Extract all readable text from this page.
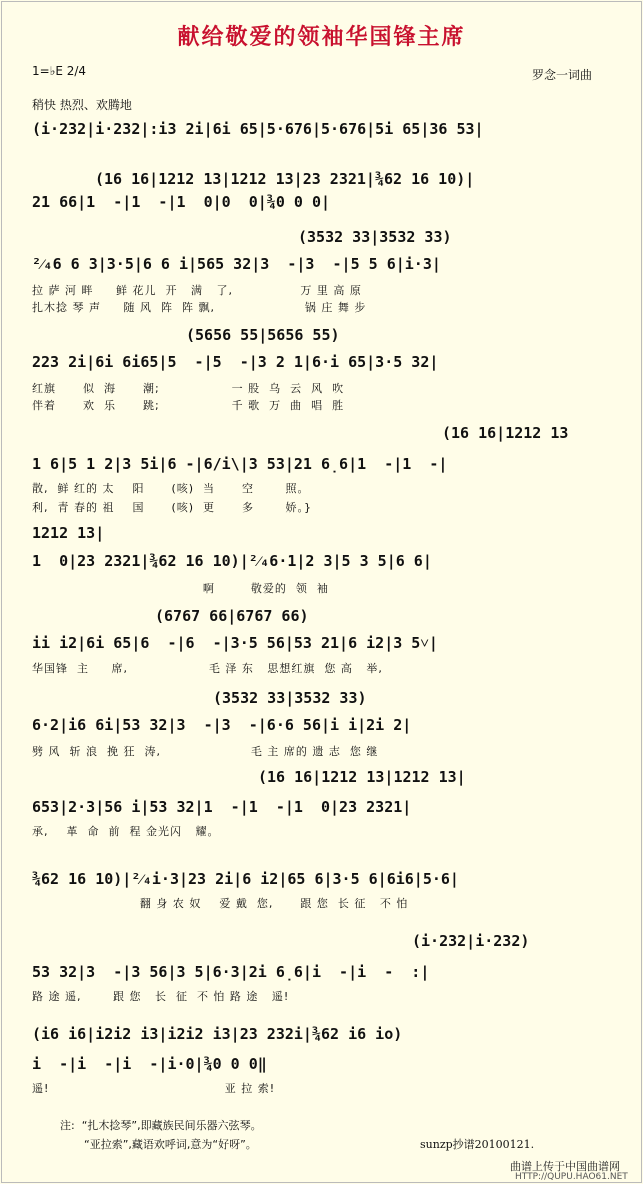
献给敬爱的领袖华国锋主席
1=♭E 2/4	罗念一词曲
稍快 热烈、欢腾地
(i·232|i·232|:i3 2i|6i 65|5·676|5·676|5i 65|36 53|
(16 16|1212 13|1212 13|23 2321|¾62 16 10)|
21 66|1  -|1  -|1  0|0  0|¾0 0 0|
(3532 33|3532 33)
²⁄₄6 6 3|3·5|6 6 i|565 32|3  -|3  -|5 5 6|i·3|
(5656 55|5656 55)
223 2i|6i 6i65|5  -|5  -|3 2 1|6·i 65|3·5 32|
(16 16|1212 13
1 6|5 1 2|3 5i|6 -|6/i\|3 53|21 6̣6|1  -|1  -|
1212 13|
1  0|23 2321|¾62 16 10)|²⁄₄6·1|2 3|5 3 5|6 6|
(6767 66|6767 66)
ii i2|6i 65|6  -|6  -|3·5 56|53 21|6 i2|3 5˅|
(3532 33|3532 33)
6·2|i6 6i|53 32|3  -|3  -|6·6 56|i i|2i 2|
(16 16|1212 13|1212 13|
653|2·3|56 i|53 32|1  -|1  -|1  0|23 2321|
¾62 16 10)|²⁄₄i·3|23 2i|6 i2|65 6|3·5 6|6i6|5·6|
(i·232|i·232)
53 32|3  -|3 56|3 5|6·3|2i 6̣6|i  -|i  -  :|
(i6 i6|i2i2 i3|i2i2 i3|23 232i|¾62 i6 io)
i  -|i  -|i  -|i·0|¾0 0 0‖
拉 萨 河 畔     鲜 花儿  开   满   了,               万 里 高 原
扎木捻 琴 声     随 风  阵  阵 飘,                    锅 庄 舞 步
红旗      似  海      潮;                一 股  乌  云  风  吹
伴着      欢  乐      跳;                千 歌  万  曲  唱  胜
散,  鲜 红的 太    阳      (咳)  当      空       照。
利,  青 春的 祖    国      (咳)  更      多       娇。}
啊        敬爱的  领  袖
华国锋  主     席,                  毛 泽 东   思想红旗  您 高   举,
劈 风  斩 浪  挽 狂  涛,                    毛 主 席的 遗 志  您 继
承,    革  命  前  程 金光闪   耀。
翻 身 农 奴    爱 戴  您,      跟 您  长 征   不 怕
路 途 遥,       跟 您   长  征  不 怕 路 途   遥!
遥!                                       亚 拉 索!
注:  “扎木捻琴”,即藏族民间乐器六弦琴。
“亚拉索”,藏语欢呼词,意为“好呀”。	sunzp抄谱20100121.
曲谱上传于中国曲谱网
HTTP://QUPU.HAO61.NET
